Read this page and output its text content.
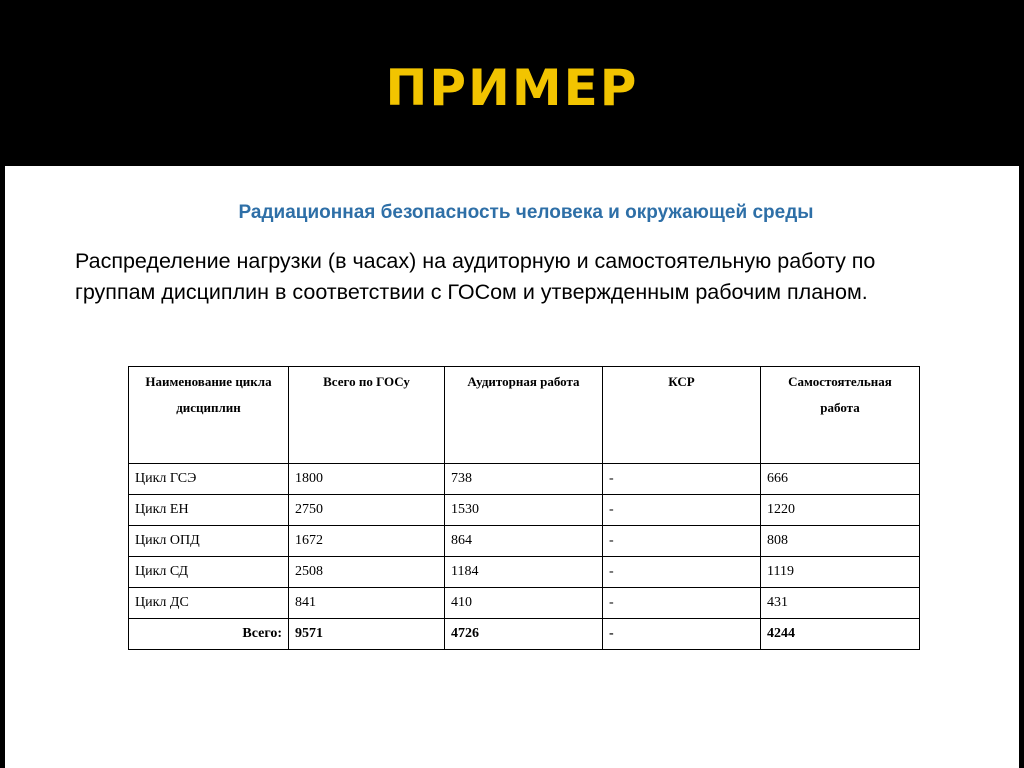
ПРИМЕР
Радиационная безопасность человека и окружающей среды

Распределение нагрузки (в часах) на аудиторную и самостоятельную работу по группам дисциплин в соответствии с ГОСом и утвержденным рабочим планом.

Наименование цикла дисциплин	Всего по ГОСу	Аудиторная работа	КСР	Самостоятельная работа
Цикл ГСЭ	1800	738	-	666
Цикл ЕН	2750	1530	-	1220
Цикл ОПД	1672	864	-	808
Цикл СД	2508	1184	-	1119
Цикл ДС	841	410	-	431
Всего:	9571	4726	-	4244
